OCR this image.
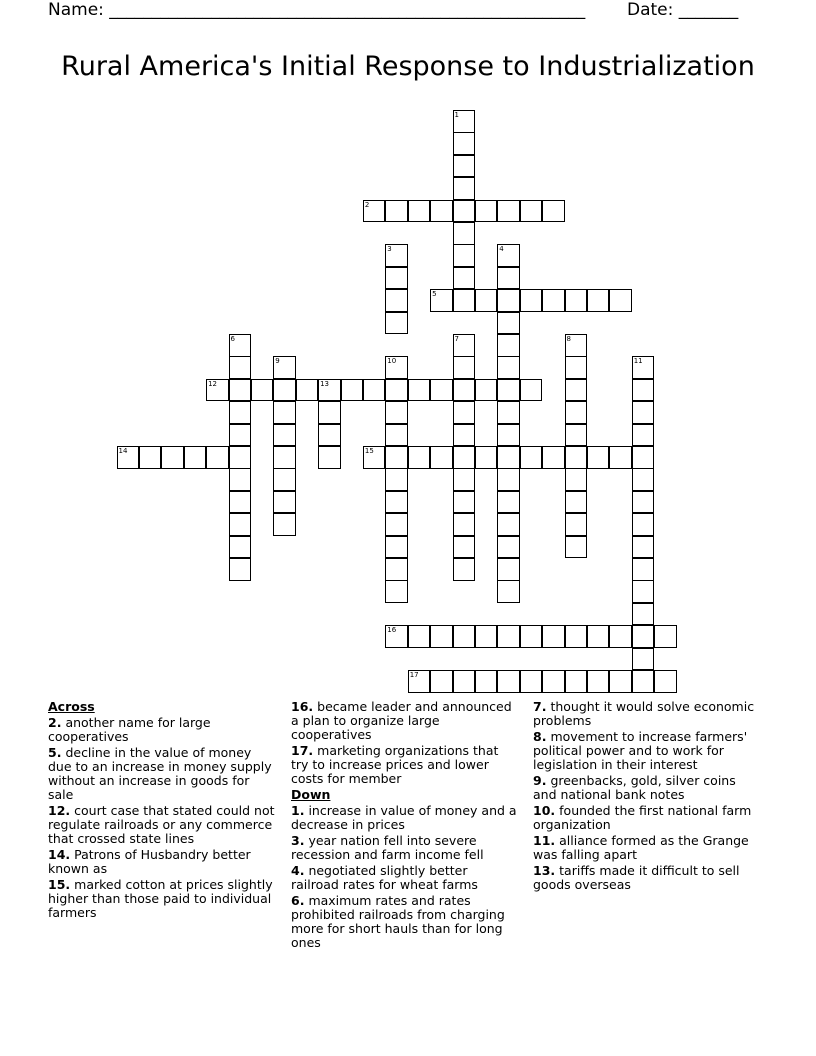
Name: ________________________________________________________ Date: _______
Rural America's Initial Response to Industrialization
1
2
3	4
5
6	7	8
9	10	11
12	13
14	15
16
17
Across
2. another name for large cooperatives
5. decline in the value of money due to an increase in money supply without an increase in goods for sale
12. court case that stated could not regulate railroads or any commerce that crossed state lines
14. Patrons of Husbandry better known as
15. marked cotton at prices slightly higher than those paid to individual farmers
16. became leader and announced a plan to organize large cooperatives
17. marketing organizations that try to increase prices and lower costs for member
Down
1. increase in value of money and a decrease in prices
3. year nation fell into severe recession and farm income fell
4. negotiated slightly better railroad rates for wheat farms
6. maximum rates and rates prohibited railroads from charging more for short hauls than for long ones
7. thought it would solve economic problems
8. movement to increase farmers' political power and to work for legislation in their interest
9. greenbacks, gold, silver coins and national bank notes
10. founded the first national farm organization
11. alliance formed as the Grange was falling apart
13. tariffs made it difficult to sell goods overseas
